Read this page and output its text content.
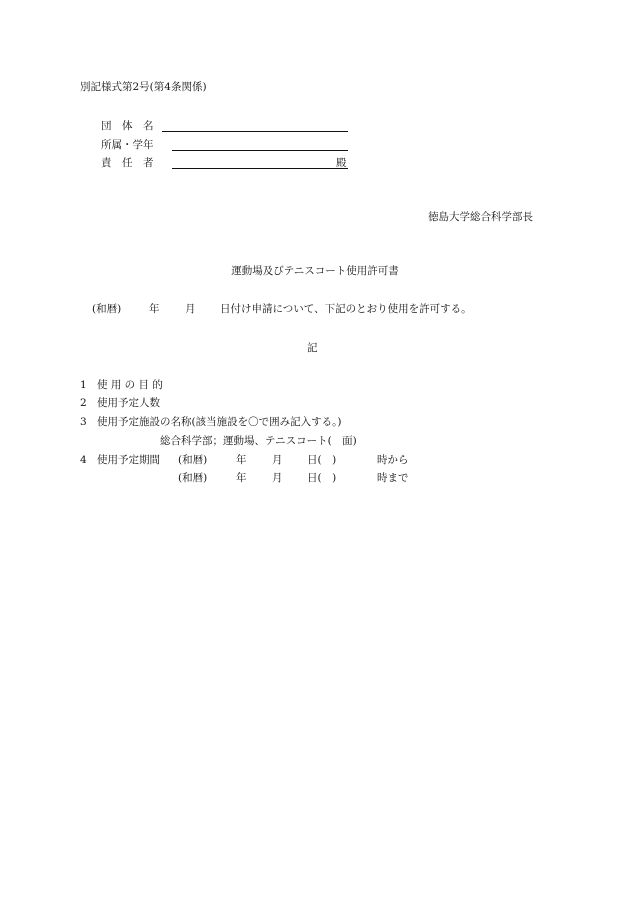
別記様式第2号(第4条関係)
団　体　名
所属・学年
責　任　者	殿
徳島大学総合科学部長
運動場及びテニスコート使用許可書
(和暦)	年 月 日付け申請について、下記のとおり使用を許可する。
記
1 使 用 の 目 的
2 使用予定人数
3 使用予定施設の名称(該当施設を〇で囲み記入する。)
総合科学部；運動場、テニスコート(　面)
4 使用予定期間 (和暦)	年 月 日(　)	時から
(和暦)	年 月 日(　)	時まで
